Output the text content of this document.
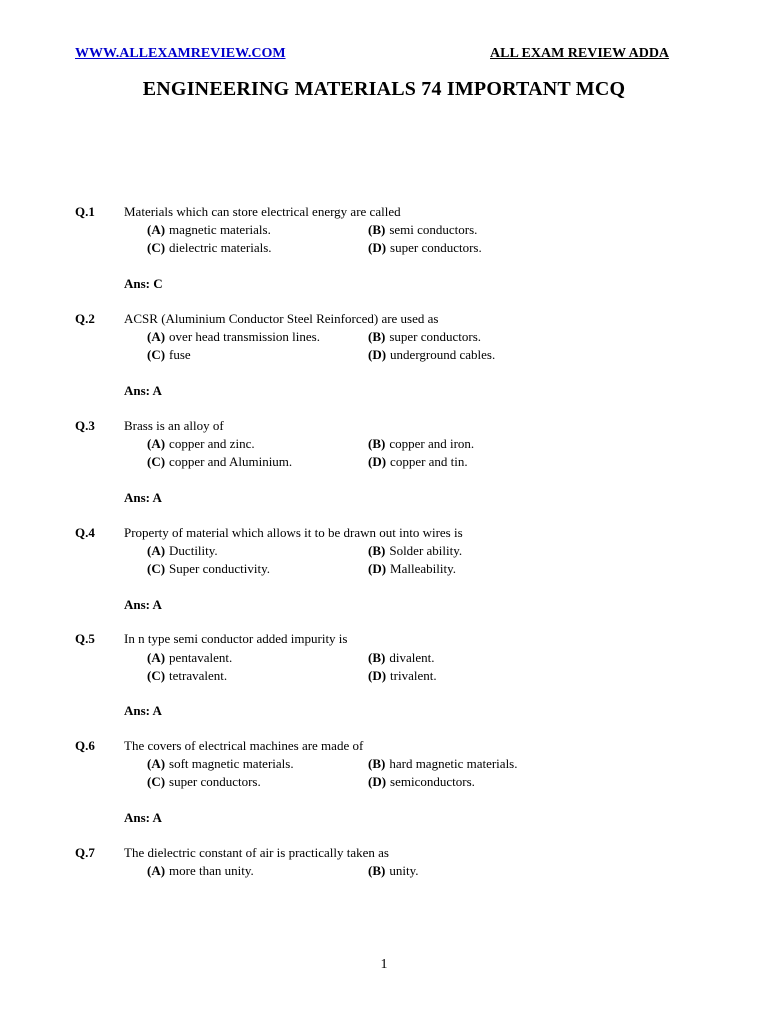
WWW.ALLEXAMREVIEW.COM	ALL EXAM REVIEW ADDA
ENGINEERING MATERIALS 74 IMPORTANT MCQ
Q.1 Materials which can store electrical energy are called
(A) magnetic materials.	(B) semi conductors.
(C) dielectric materials.	(D) super conductors.
Ans: C
Q.2 ACSR (Aluminium Conductor Steel Reinforced) are used as
(A) over head transmission lines.	(B) super conductors.
(C) fuse	(D) underground cables.
Ans: A
Q.3 Brass is an alloy of
(A) copper and zinc.	(B) copper and iron.
(C) copper and Aluminium.	(D) copper and tin.
Ans: A
Q.4 Property of material which allows it to be drawn out into wires is
(A) Ductility.	(B) Solder ability.
(C) Super conductivity.	(D) Malleability.
Ans: A
Q.5 In n type semi conductor added impurity is
(A) pentavalent.	(B) divalent.
(C) tetravalent.	(D) trivalent.
Ans: A
Q.6 The covers of electrical machines are made of
(A) soft magnetic materials.	(B) hard magnetic materials.
(C) super conductors.	(D) semiconductors.
Ans: A
Q.7 The dielectric constant of air is practically taken as
(A) more than unity.	(B) unity.
1
